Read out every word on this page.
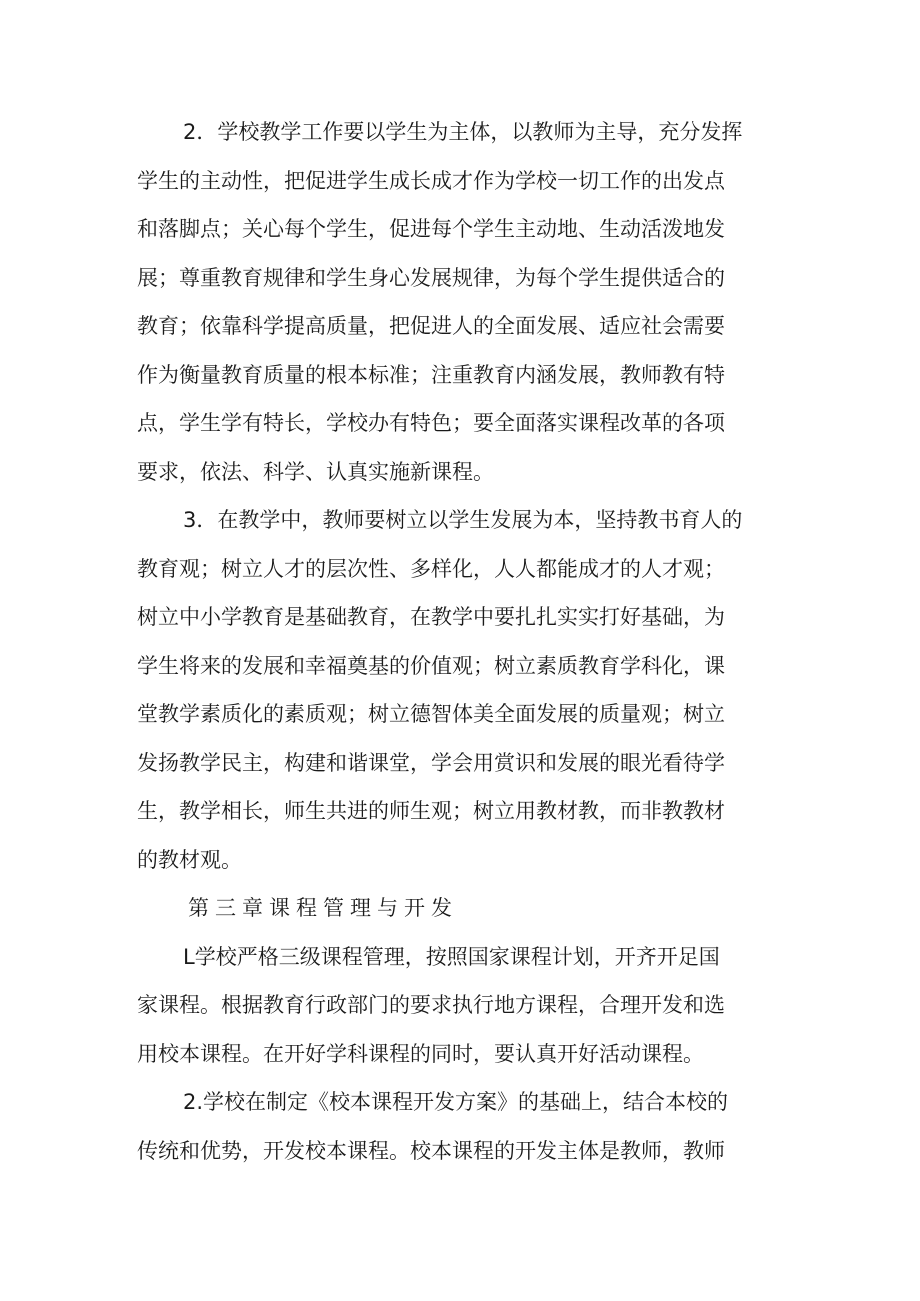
2．学校教学工作要以学生为主体，以教师为主导，充分发挥
学生的主动性，把促进学生成长成才作为学校一切工作的出发点
和落脚点；关心每个学生，促进每个学生主动地、生动活泼地发
展；尊重教育规律和学生身心发展规律，为每个学生提供适合的
教育；依靠科学提高质量，把促进人的全面发展、适应社会需要
作为衡量教育质量的根本标准；注重教育内涵发展，教师教有特
点，学生学有特长，学校办有特色；要全面落实课程改革的各项
要求，依法、科学、认真实施新课程。

3．在教学中，教师要树立以学生发展为本，坚持教书育人的
教育观；树立人才的层次性、多样化，人人都能成才的人才观；
树立中小学教育是基础教育，在教学中要扎扎实实打好基础，为
学生将来的发展和幸福奠基的价值观；树立素质教育学科化，课
堂教学素质化的素质观；树立德智体美全面发展的质量观；树立
发扬教学民主，构建和谐课堂，学会用赏识和发展的眼光看待学
生，教学相长，师生共进的师生观；树立用教材教，而非教教材
的教材观。

第三章课程管理与开发

L学校严格三级课程管理，按照国家课程计划，开齐开足国
家课程。根据教育行政部门的要求执行地方课程，合理开发和选
用校本课程。在开好学科课程的同时，要认真开好活动课程。

2.学校在制定《校本课程开发方案》的基础上，结合本校的
传统和优势，开发校本课程。校本课程的开发主体是教师，教师
